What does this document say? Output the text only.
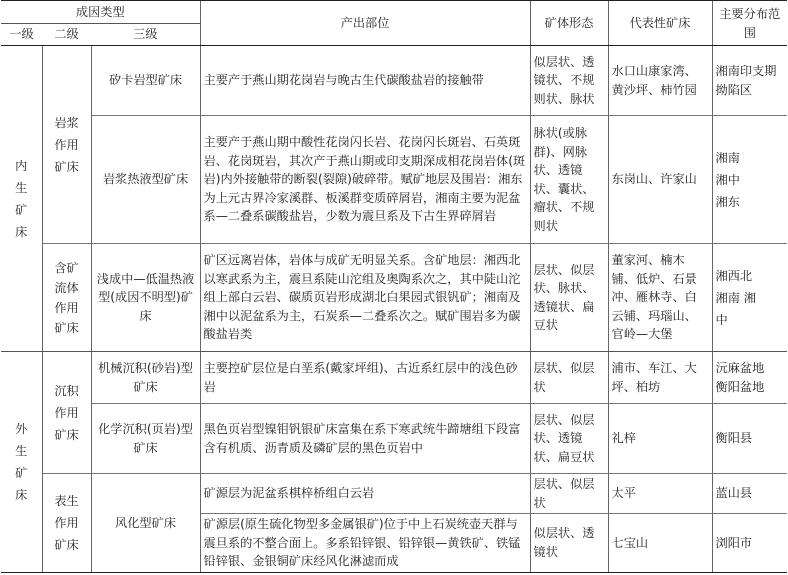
成因类型			产出部位	矿体形态	代表性矿床	主要分布范围
一级	二级	三级				
内生矿床	岩浆作用矿床	矽卡岩型矿床	主要产于燕山期花岗岩与晚古生代碳酸盐岩的接触带	似层状、透镜状、不规则状、脉状	水口山康家湾、黄沙坪、柿竹园	湘南印支期拗陷区
		岩浆热液型矿床	主要产于燕山期中酸性花岗闪长岩、花岗闪长斑岩、石英斑岩、花岗斑岩，其次产于燕山期或印支期深成相花岗岩体(斑岩)内外接触带的断裂(裂隙)破碎带。赋矿地层及围岩：湘东为上元古界冷家溪群、板溪群变质碎屑岩，湘南主要为泥盆系—二叠系碳酸盐岩，少数为震旦系及下古生界碎屑岩	脉状(或脉群)、网脉状、透镜状、囊状、瘤状、不规则状	东岗山、许家山	湘南 湘中 湘东
	含矿流体作用矿床	浅成中—低温热液型(成因不明型)矿床	矿区远离岩体，岩体与成矿无明显关系。含矿地层：湘西北以寒武系为主，震旦系陡山沱组及奥陶系次之，其中陡山沱组上部白云岩、碳质页岩形成湖北白果园式银钒矿；湘南及湘中以泥盆系为主，石炭系—二叠系次之。赋矿围岩多为碳酸盐岩类	层状、似层状、脉状、透镜状、扁豆状	董家河、楠木铺、低炉、石景冲、雁林寺、白云铺、玛瑙山、官岭—大堡	湘西北 湘南 湘中
外生矿床	沉积作用矿床	机械沉积(砂岩)型矿床	主要控矿层位是白垩系(戴家坪组)、古近系红层中的浅色砂岩	层状、似层状	浦市、车江、大坪、柏坊	沅麻盆地 衡阳盆地
		化学沉积(页岩)型矿床	黑色页岩型镍钼钒银矿床富集在系下寒武统牛蹄塘组下段富含有机质、沥青质及磷矿层的黑色页岩中	层状、似层状、透镜状、扁豆状	礼梓	衡阳县
	表生作用矿床	风化型矿床	矿源层为泥盆系棋梓桥组白云岩	层状、似层状	太平	蓝山县
			矿源层(原生硫化物型多金属银矿)位于中上石炭统壶天群与震旦系的不整合面上。多系铅锌银、铅锌银—黄铁矿、铁锰铅锌银、金银铜矿床经风化淋滤而成	似层状、透镜状	七宝山	浏阳市
